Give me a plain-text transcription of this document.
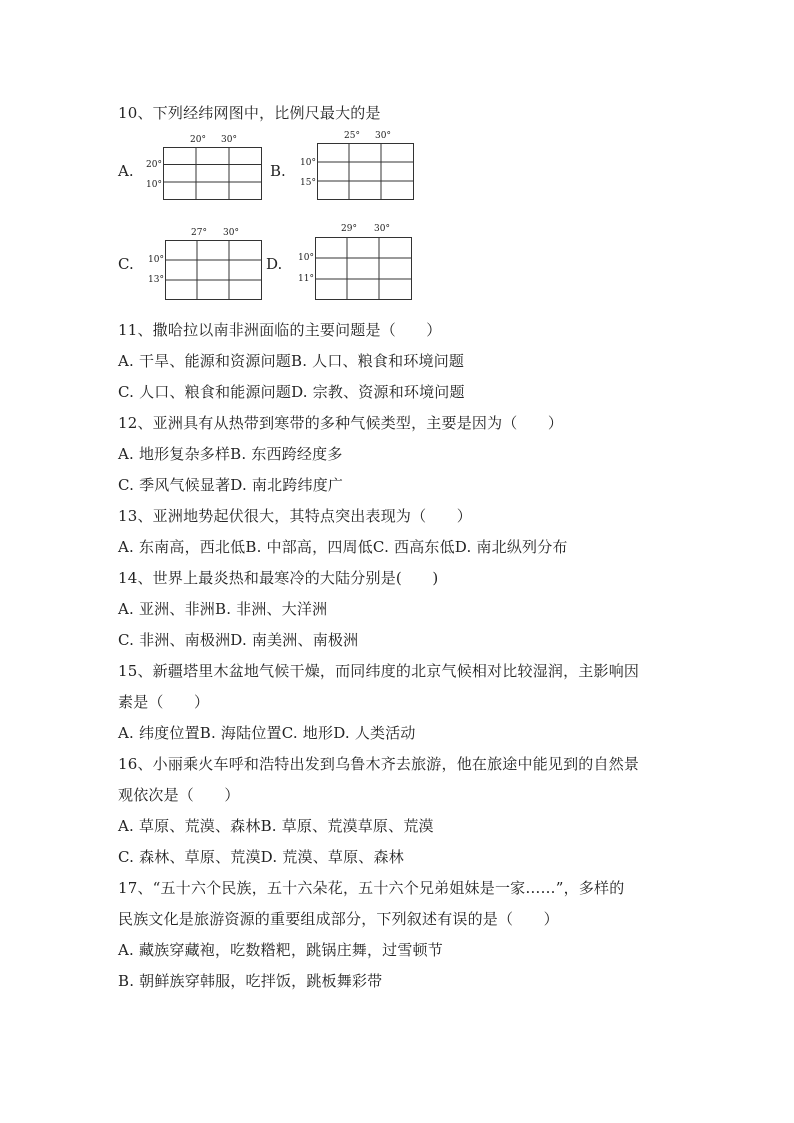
10、下列经纬网图中，比例尺最大的是
A.
20° 30°
20°
10°
B.
25° 30°
10°
15°
C.
27° 30°
10°
13°
D.
29° 30°
10°
11°
11、撒哈拉以南非洲面临的主要问题是（　　）
A. 干旱、能源和资源问题B. 人口、粮食和环境问题
C. 人口、粮食和能源问题D. 宗教、资源和环境问题
12、亚洲具有从热带到寒带的多种气候类型，主要是因为（　　）
A. 地形复杂多样B. 东西跨经度多
C. 季风气候显著D. 南北跨纬度广
13、亚洲地势起伏很大，其特点突出表现为（　　）
A. 东南高，西北低B. 中部高，四周低C. 西高东低D. 南北纵列分布
14、世界上最炎热和最寒冷的大陆分别是(　　)
A. 亚洲、非洲B. 非洲、大洋洲
C. 非洲、南极洲D. 南美洲、南极洲
15、新疆塔里木盆地气候干燥，而同纬度的北京气候相对比较湿润，主影响因
素是（　　）
A. 纬度位置B. 海陆位置C. 地形D. 人类活动
16、小丽乘火车呼和浩特出发到乌鲁木齐去旅游，他在旅途中能见到的自然景
观依次是（　　）
A. 草原、荒漠、森林B. 草原、荒漠草原、荒漠
C. 森林、草原、荒漠D. 荒漠、草原、森林
17、“五十六个民族，五十六朵花，五十六个兄弟姐妹是一家……”，多样的
民族文化是旅游资源的重要组成部分，下列叙述有误的是（　　）
A. 藏族穿藏袍，吃数糌粑，跳锅庄舞，过雪顿节
B. 朝鲜族穿韩服，吃拌饭，跳板舞彩带
